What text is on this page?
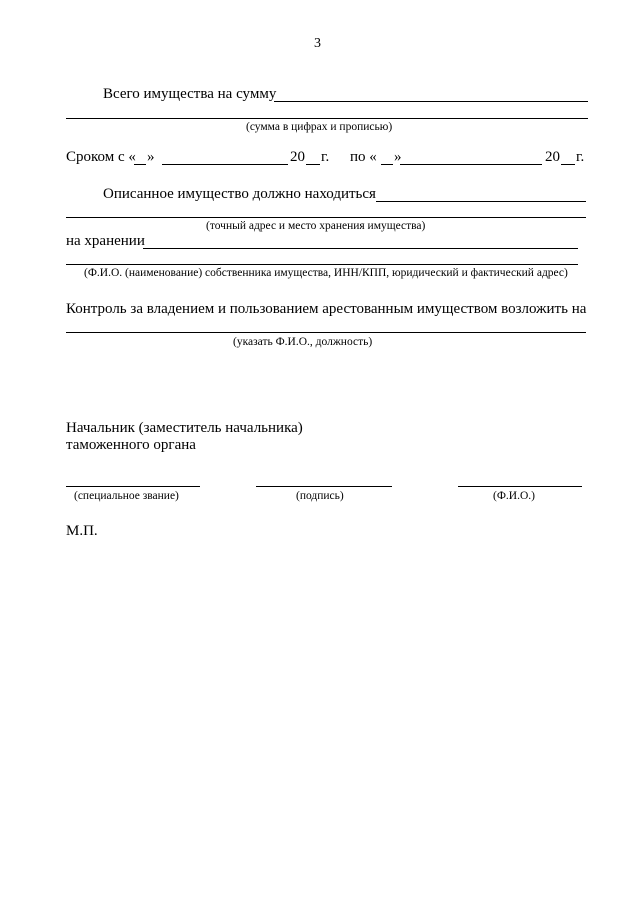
3
Всего имущества на сумму
(сумма в цифрах и прописью)
Сроком с « »	20 г. по « »	20 г.
Описанное имущество должно находиться
(точный адрес и место хранения имущества)
на хранении
(Ф.И.О. (наименование) собственника имущества, ИНН/КПП, юридический и фактический адрес)
Контроль за владением и пользованием арестованным имуществом возложить на
(указать Ф.И.О., должность)
Начальник (заместитель начальника)
таможенного органа
(специальное звание)	(подпись)	(Ф.И.О.)
М.П.
